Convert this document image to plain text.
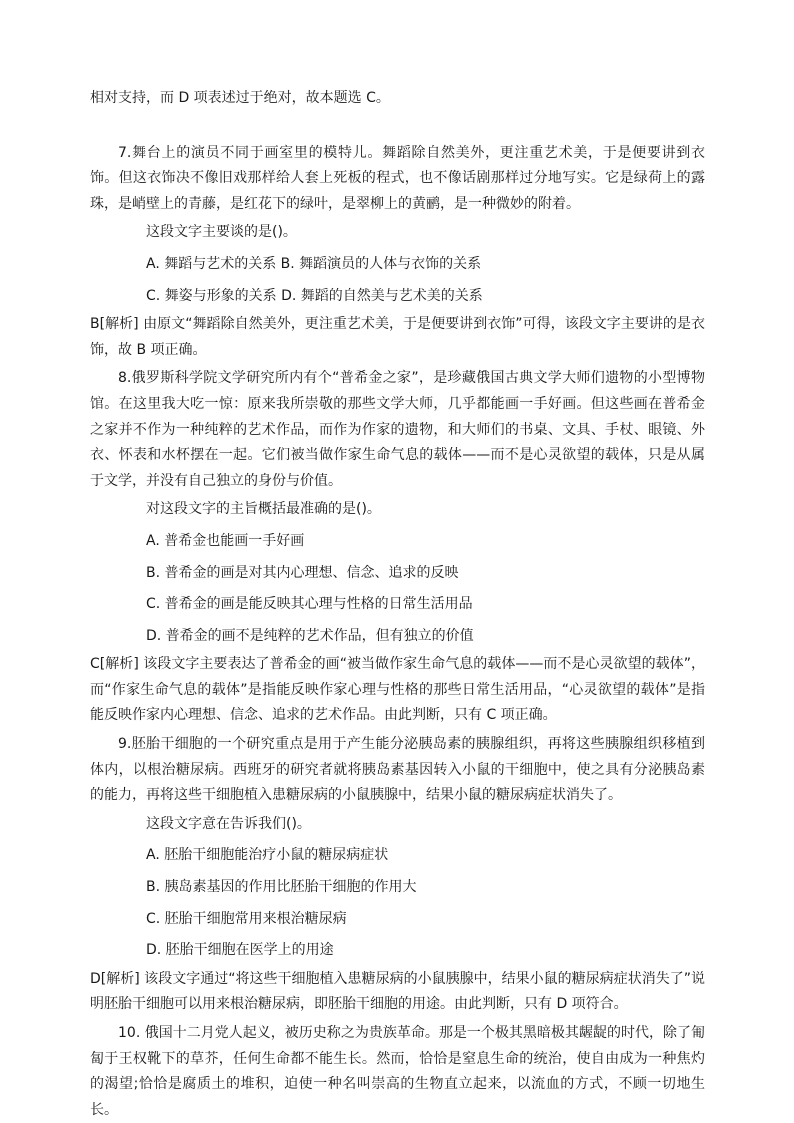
相对支持，而 D 项表述过于绝对，故本题选 C。

7.舞台上的演员不同于画室里的模特儿。舞蹈除自然美外，更注重艺术美，于是便要讲到衣饰。但这衣饰决不像旧戏那样给人套上死板的程式，也不像话剧那样过分地写实。它是绿荷上的露珠，是峭壁上的青藤，是红花下的绿叶，是翠柳上的黄鹂，是一种微妙的附着。

这段文字主要谈的是()。

A. 舞蹈与艺术的关系 B. 舞蹈演员的人体与衣饰的关系

C. 舞姿与形象的关系 D. 舞蹈的自然美与艺术美的关系

B[解析] 由原文“舞蹈除自然美外，更注重艺术美，于是便要讲到衣饰”可得，该段文字主要讲的是衣饰，故 B 项正确。

8.俄罗斯科学院文学研究所内有个“普希金之家”，是珍藏俄国古典文学大师们遗物的小型博物馆。在这里我大吃一惊：原来我所崇敬的那些文学大师，几乎都能画一手好画。但这些画在普希金之家并不作为一种纯粹的艺术作品，而作为作家的遗物，和大师们的书桌、文具、手杖、眼镜、外衣、怀表和水杯摆在一起。它们被当做作家生命气息的载体——而不是心灵欲望的载体，只是从属于文学，并没有自己独立的身份与价值。

对这段文字的主旨概括最准确的是()。

A. 普希金也能画一手好画

B. 普希金的画是对其内心理想、信念、追求的反映

C. 普希金的画是能反映其心理与性格的日常生活用品

D. 普希金的画不是纯粹的艺术作品，但有独立的价值

C[解析] 该段文字主要表达了普希金的画“被当做作家生命气息的载体——而不是心灵欲望的载体”，而“作家生命气息的载体”是指能反映作家心理与性格的那些日常生活用品，“心灵欲望的载体”是指能反映作家内心理想、信念、追求的艺术作品。由此判断，只有 C 项正确。

9.胚胎干细胞的一个研究重点是用于产生能分泌胰岛素的胰腺组织，再将这些胰腺组织移植到体内，以根治糖尿病。西班牙的研究者就将胰岛素基因转入小鼠的干细胞中，使之具有分泌胰岛素的能力，再将这些干细胞植入患糖尿病的小鼠胰腺中，结果小鼠的糖尿病症状消失了。

这段文字意在告诉我们()。

A. 胚胎干细胞能治疗小鼠的糖尿病症状

B. 胰岛素基因的作用比胚胎干细胞的作用大

C. 胚胎干细胞常用来根治糖尿病

D. 胚胎干细胞在医学上的用途

D[解析] 该段文字通过“将这些干细胞植入患糖尿病的小鼠胰腺中，结果小鼠的糖尿病症状消失了”说明胚胎干细胞可以用来根治糖尿病，即胚胎干细胞的用途。由此判断，只有 D 项符合。

10. 俄国十二月党人起义，被历史称之为贵族革命。那是一个极其黑暗极其龌龊的时代，除了匍匐于王权靴下的草芥，任何生命都不能生长。然而，恰恰是窒息生命的统治，使自由成为一种焦灼的渴望;恰恰是腐质土的堆积，迫使一种名叫崇高的生物直立起来，以流血的方式，不顾一切地生长。
